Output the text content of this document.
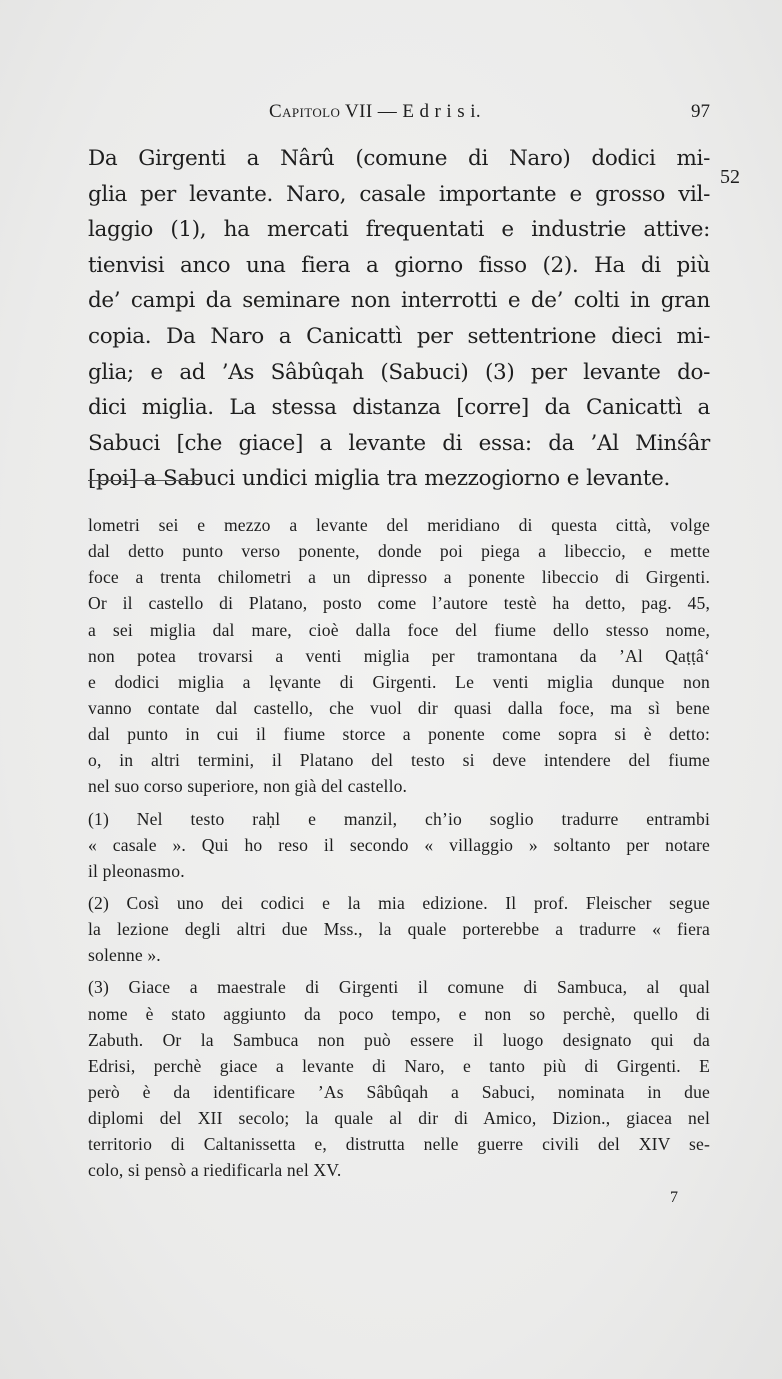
Capitolo VII — E d r i s i.	97
52
Da Girgenti a Nârû (comune di Naro) dodici mi-
glia per levante. Naro, casale importante e grosso vil-
laggio (1), ha mercati frequentati e industrie attive:
tienvisi anco una fiera a giorno fisso (2). Ha di più
de’ campi da seminare non interrotti e de’ colti in gran
copia. Da Naro a Canicattì per settentrione dieci mi-
glia; e ad ’As Sâbûqah (Sabuci) (3) per levante do-
dici miglia. La stessa distanza [corre] da Canicattì a
Sabuci [che giace] a levante di essa: da ’Al Minśâr
[poi] a Sabuci undici miglia tra mezzogiorno e levante.
lometri sei e mezzo a levante del meridiano di questa città, volge
dal detto punto verso ponente, donde poi piega a libeccio, e mette
foce a trenta chilometri a un dipresso a ponente libeccio di Girgenti.
Or il castello di Platano, posto come l’autore testè ha detto, pag. 45,
a sei miglia dal mare, cioè dalla foce del fiume dello stesso nome,
non potea trovarsi a venti miglia per tramontana da ’Al Qaṭṭâ‘
e dodici miglia a lęvante di Girgenti. Le venti miglia dunque non
vanno contate dal castello, che vuol dir quasi dalla foce, ma sì bene
dal punto in cui il fiume storce a ponente come sopra si è detto:
o, in altri termini, il Platano del testo si deve intendere del fiume
nel suo corso superiore, non già del castello.
(1) Nel testo raḥl e manzil, ch’io soglio tradurre entrambi
« casale ». Qui ho reso il secondo « villaggio » soltanto per notare
il pleonasmo.
(2) Così uno dei codici e la mia edizione. Il prof. Fleischer segue
la lezione degli altri due Mss., la quale porterebbe a tradurre « fiera
solenne ».
(3) Giace a maestrale di Girgenti il comune di Sambuca, al qual
nome è stato aggiunto da poco tempo, e non so perchè, quello di
Zabuth. Or la Sambuca non può essere il luogo designato qui da
Edrisi, perchè giace a levante di Naro, e tanto più di Girgenti. E
però è da identificare ’As Sâbûqah a Sabuci, nominata in due
diplomi del XII secolo; la quale al dir di Amico, Dizion., giacea nel
territorio di Caltanissetta e, distrutta nelle guerre civili del XIV se-
colo, si pensò a riedificarla nel XV.
7
